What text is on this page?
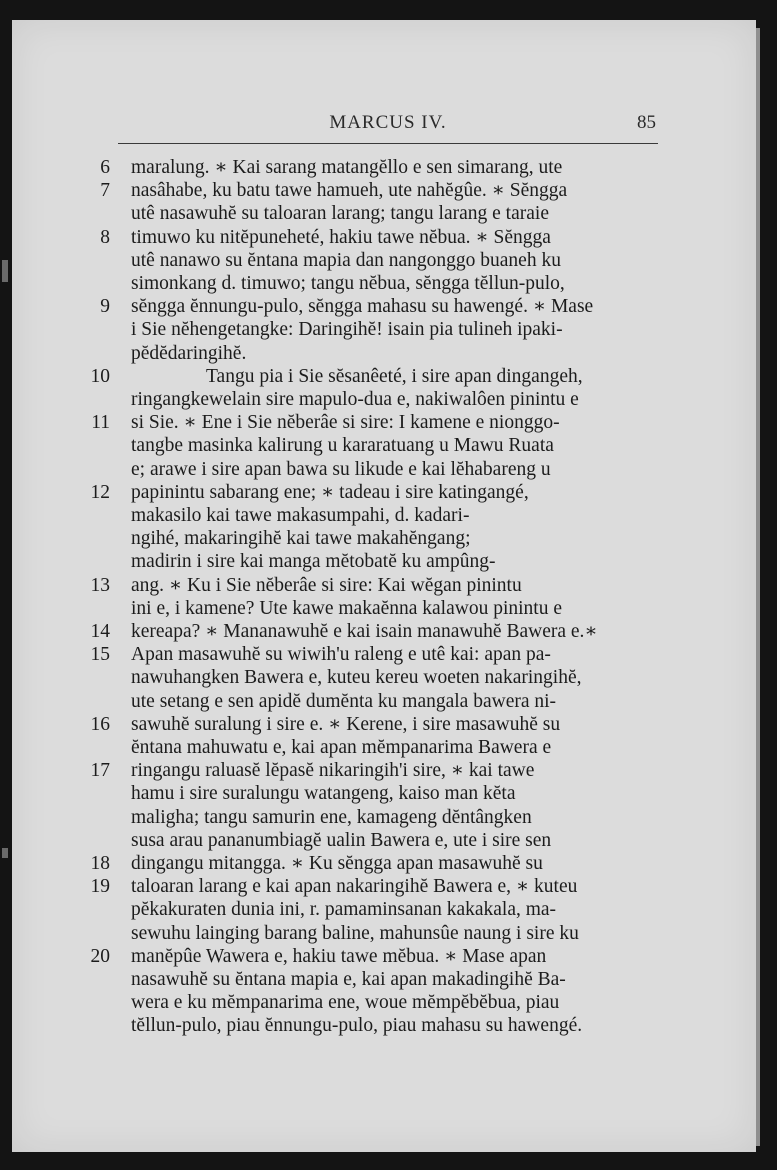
MARCUS IV.	85
6 maralung. ∗ Kai sarang matangĕllo e sen simarang, ute
7 nasâhabe, ku batu tawe hamueh, ute nahĕgûe. ∗ Sĕngga
utê nasawuhĕ su taloaran larang; tangu larang e taraie
8 timuwo ku nitĕpuneheté, hakiu tawe nĕbua. ∗ Sĕngga
utê nanawo su ĕntana mapia dan nangonggo buaneh ku
simonkang d. timuwo; tangu nĕbua, sĕngga tĕllun-pulo,
9 sĕngga ĕnnungu-pulo, sĕngga mahasu su hawengé. ∗ Mase
i Sie nĕhengetangke: Daringihĕ! isain pia tulineh ipaki-
pĕdĕdaringihĕ.
10	Tangu pia i Sie sĕsanêeté, i sire apan dingangeh,
ringangkewelain sire mapulo-dua e, nakiwalôen pinintu e
11 si Sie. ∗ Ene i Sie nĕberâe si sire: I kamene e nionggo-
tangbe masinka kalirung u kararatuang u Mawu Ruata
e; arawe i sire apan bawa su likude e kai lĕhabareng u
12 papinintu sabarang ene; ∗ tadeau i sire katingangé,
makasilo kai tawe makasumpahi, d. kadari-
ngihé, makaringihĕ kai tawe makahĕngang;
madirin i sire kai manga mĕtobatĕ ku ampûng-
13 ang. ∗ Ku i Sie nĕberâe si sire: Kai wĕgan pinintu
ini e, i kamene? Ute kawe makaĕnna kalawou pinintu e
14 kereapa? ∗ Mananawuhĕ e kai isain manawuhĕ Bawera e.∗
15 Apan masawuhĕ su wiwih'u raleng e utê kai: apan pa-
nawuhangken Bawera e, kuteu kereu woeten nakaringihĕ,
ute setang e sen apidĕ dumĕnta ku mangala bawera ni-
16 sawuhĕ suralung i sire e. ∗ Kerene, i sire masawuhĕ su
ĕntana mahuwatu e, kai apan mĕmpanarima Bawera e
17 ringangu raluasĕ lĕpasĕ nikaringih'i sire, ∗ kai tawe
hamu i sire suralungu watangeng, kaiso man kĕta
malighа; tangu samurin ene, kamageng dĕntângken
susa arau pananumbiagĕ ualin Bawera e, ute i sire sen
18 dingangu mitangga. ∗ Ku sĕngga apan masawuhĕ su
19 taloaran larang e kai apan nakaringihĕ Bawera e, ∗ kuteu
pĕkakuraten dunia ini, r. pamaminsanan kakakala, ma-
sewuhu lainging barang baline, mahunsûe naung i sire ku
20 manĕpûe Wawera e, hakiu tawe mĕbua. ∗ Mase apan
nasawuhĕ su ĕntana mapia e, kai apan makadingihĕ Ba-
wera e ku mĕmpanarima ene, woue mĕmpĕbĕbua, piau
tĕllun-pulo, piau ĕnnungu-pulo, piau mahasu su hawengé.
